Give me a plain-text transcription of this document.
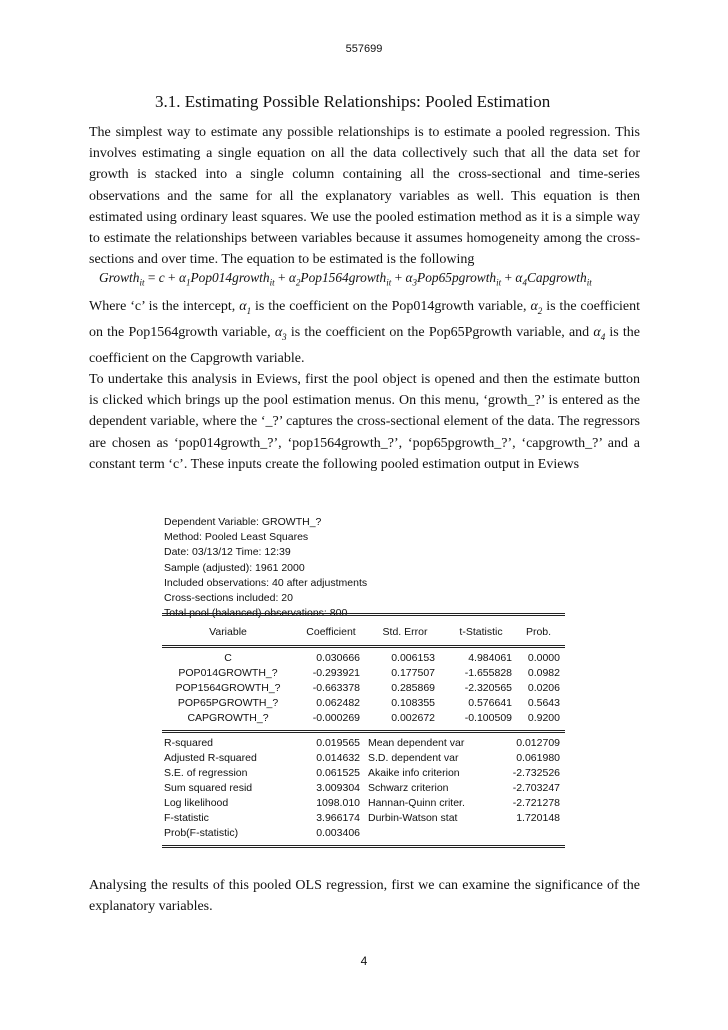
557699
3.1. Estimating Possible Relationships: Pooled Estimation

The simplest way to estimate any possible relationships is to estimate a pooled regression. This involves estimating a single equation on all the data collectively such that all the data set for growth is stacked into a single column containing all the cross-sectional and time-series observations and the same for all the explanatory variables as well. This equation is then estimated using ordinary least squares. We use the pooled estimation method as it is a simple way to estimate the relationships between variables because it assumes homogeneity among the cross-sections and over time. The equation to be estimated is the following

Growth$_{it}$ = $c + \alpha_1Pop014growth_{it}$ + $\alpha_2Pop1564growth_{it}$ + $\alpha_3Pop65pgrowth_{it}$ + $\alpha_4Capgrowth_{it}$

Where ‘c’ is the intercept, $\alpha_1$ is the coefficient on the Pop014growth variable, $\alpha_2$ is the coefficient on the Pop1564growth variable, $\alpha_3$ is the coefficient on the Pop65Pgrowth variable, and $\alpha_4$ is the coefficient on the Capgrowth variable.

To undertake this analysis in Eviews, first the pool object is opened and then the estimate button is clicked which brings up the pool estimation menus. On this menu, ‘growth_?’ is entered as the dependent variable, where the ‘_?’ captures the cross-sectional element of the data. The regressors are chosen as ‘pop014growth_?’, ‘pop1564growth_?’, ‘pop65pgrowth_?’, ‘capgrowth_?’ and a constant term ‘c’. These inputs create the following pooled estimation output in Eviews

Dependent Variable: GROWTH_?
Method: Pooled Least Squares
Date: 03/13/12 Time: 12:39
Sample (adjusted): 1961 2000
Included observations: 40 after adjustments
Cross-sections included: 20
Total pool (balanced) observations: 800
Variable	Coefficient	Std. Error	t-Statistic	Prob.
C	0.030666	0.006153	4.984061	0.0000
POP014GROWTH_?	-0.293921	0.177507	-1.655828	0.0982
POP1564GROWTH_?	-0.663378	0.285869	-2.320565	0.0206
POP65PGROWTH_?	0.062482	0.108355	0.576641	0.5643
CAPGROWTH_?	-0.000269	0.002672	-0.100509	0.9200
R-squared	0.019565 Mean dependent var	0.012709
Adjusted R-squared	0.014632 S.D. dependent var	0.061980
S.E. of regression	0.061525 Akaike info criterion	-2.732526
Sum squared resid	3.009304 Schwarz criterion	-2.703247
Log likelihood	1098.010 Hannan-Quinn criter.	-2.721278
F-statistic	3.966174 Durbin-Watson stat	1.720148
Prob(F-statistic)	0.003406

Analysing the results of this pooled OLS regression, first we can examine the significance of the explanatory variables.

4
